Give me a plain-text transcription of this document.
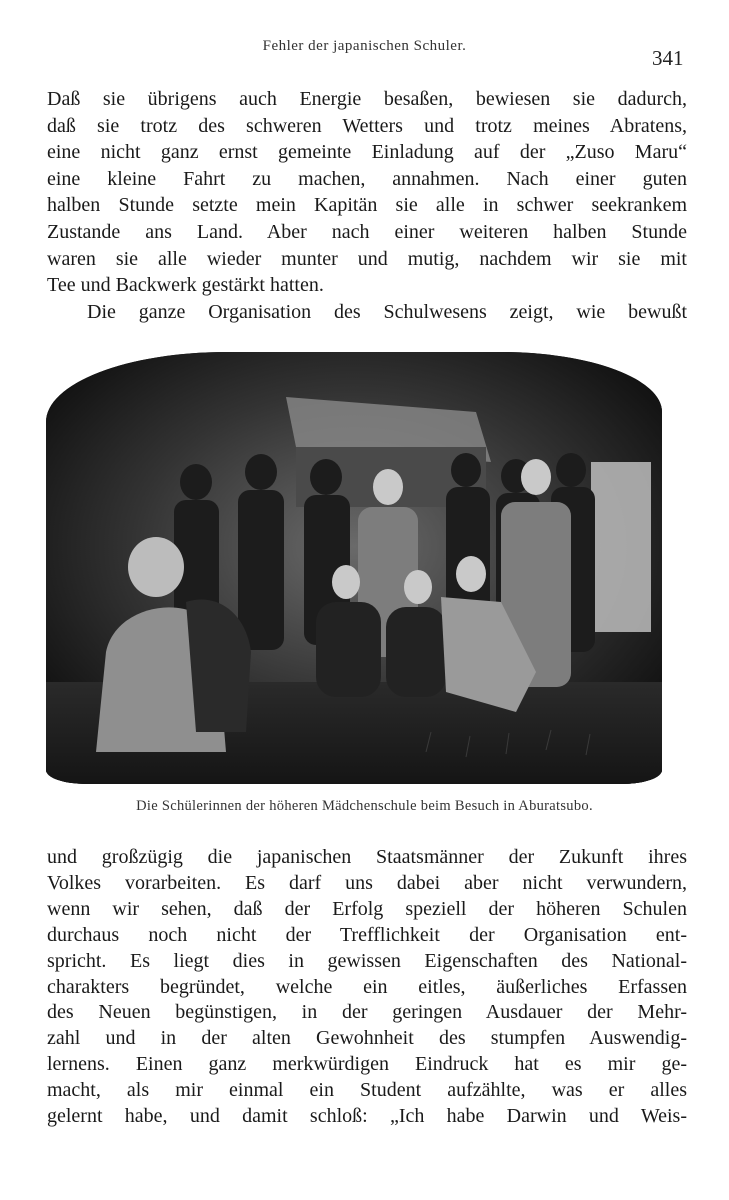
Fehler der japanischen Schuler.	341
Daß sie übrigens auch Energie besaßen, bewiesen sie dadurch,
daß sie trotz des schweren Wetters und trotz meines Abratens,
eine nicht ganz ernst gemeinte Einladung auf der „Zuso Maru“
eine kleine Fahrt zu machen, annahmen. Nach einer guten
halben Stunde setzte mein Kapitän sie alle in schwer seekrankem
Zustande ans Land. Aber nach einer weiteren halben Stunde
waren sie alle wieder munter und mutig, nachdem wir sie mit
Tee und Backwerk gestärkt hatten.
Die ganze Organisation des Schulwesens zeigt, wie bewußt
Die Schülerinnen der höheren Mädchenschule beim Besuch in Aburatsubo.
und großzügig die japanischen Staatsmänner der Zukunft ihres
Volkes vorarbeiten. Es darf uns dabei aber nicht verwundern,
wenn wir sehen, daß der Erfolg speziell der höheren Schulen
durchaus noch nicht der Trefflichkeit der Organisation ent-
spricht. Es liegt dies in gewissen Eigenschaften des National-
charakters begründet, welche ein eitles, äußerliches Erfassen
des Neuen begünstigen, in der geringen Ausdauer der Mehr-
zahl und in der alten Gewohnheit des stumpfen Auswendig-
lernens. Einen ganz merkwürdigen Eindruck hat es mir ge-
macht, als mir einmal ein Student aufzählte, was er alles
gelernt habe, und damit schloß: „Ich habe Darwin und Weis-
